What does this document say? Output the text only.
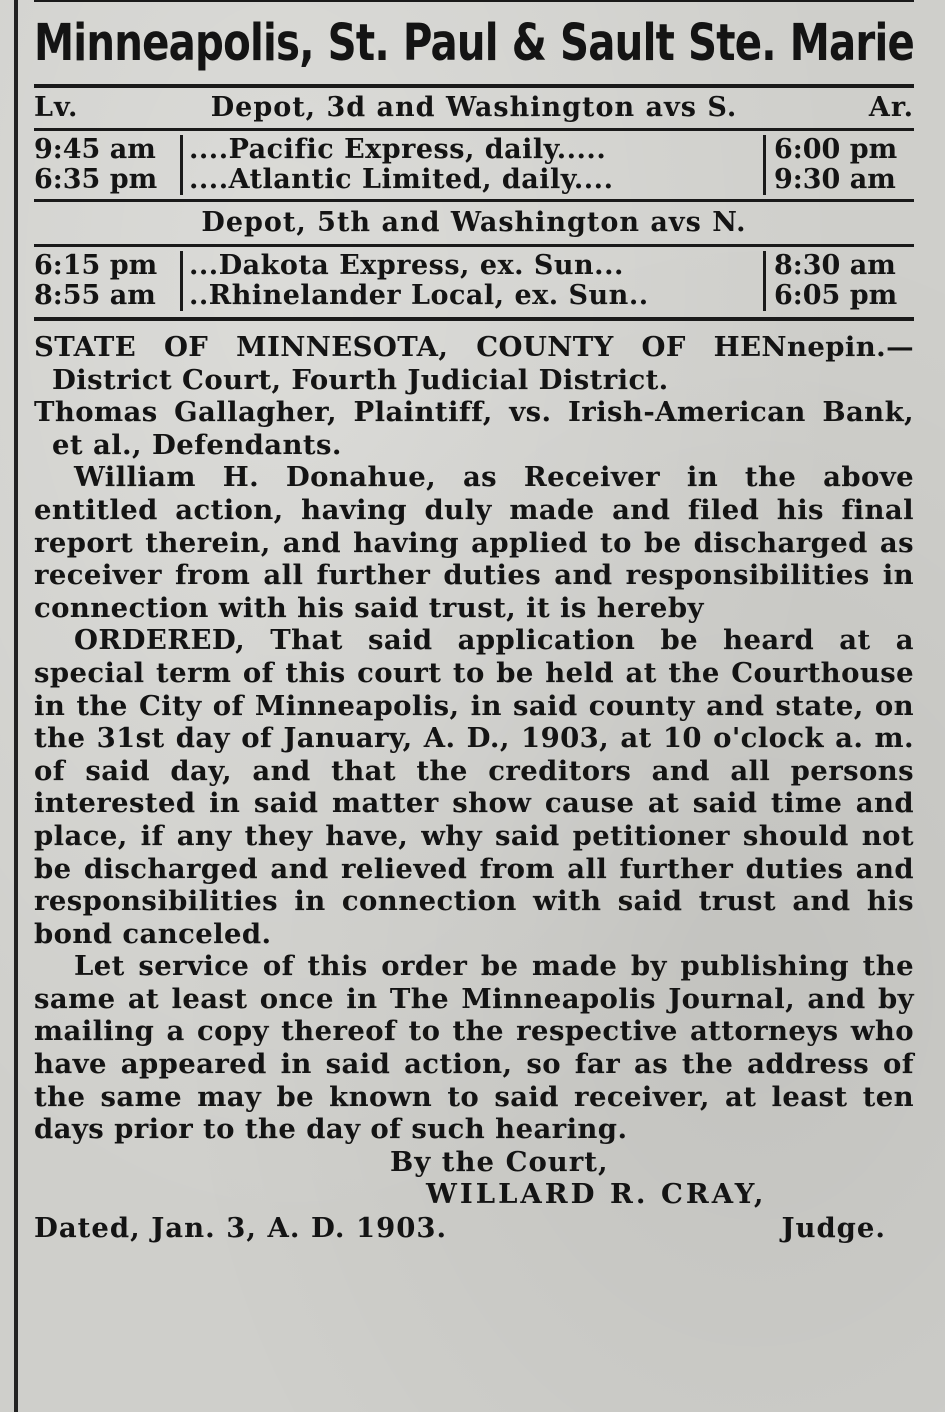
Minneapolis, St. Paul & Sault Ste. Marie
Depot, 3d and Washington avs S.
Lv.	Ar.
9:45 am	....Pacific Express, daily.....	6:00 pm
6:35 pm	....Atlantic Limited, daily....	9:30 am
Depot, 5th and Washington avs N.
6:15 pm	...Dakota Express, ex. Sun...	8:30 am
8:55 am	..Rhinelander Local, ex. Sun..	6:05 pm

STATE OF MINNESOTA, COUNTY OF HENnepin.—District Court, Fourth Judicial District.

Thomas Gallagher, Plaintiff, vs. Irish-American Bank, et al., Defendants.

William H. Donahue, as Receiver in the above entitled action, having duly made and filed his final report therein, and having applied to be discharged as receiver from all further duties and responsibilities in connection with his said trust, it is hereby

ORDERED, That said application be heard at a special term of this court to be held at the Courthouse in the City of Minneapolis, in said county and state, on the 31st day of January, A. D., 1903, at 10 o'clock a. m. of said day, and that the creditors and all persons interested in said matter show cause at said time and place, if any they have, why said petitioner should not be discharged and relieved from all further duties and responsibilities in connection with said trust and his bond canceled.

Let service of this order be made by publishing the same at least once in The Minneapolis Journal, and by mailing a copy thereof to the respective attorneys who have appeared in said action, so far as the address of the same may be known to said receiver, at least ten days prior to the day of such hearing.

By the Court,
WILLARD R. CRAY,
Dated, Jan. 3, A. D. 1903.	Judge.
